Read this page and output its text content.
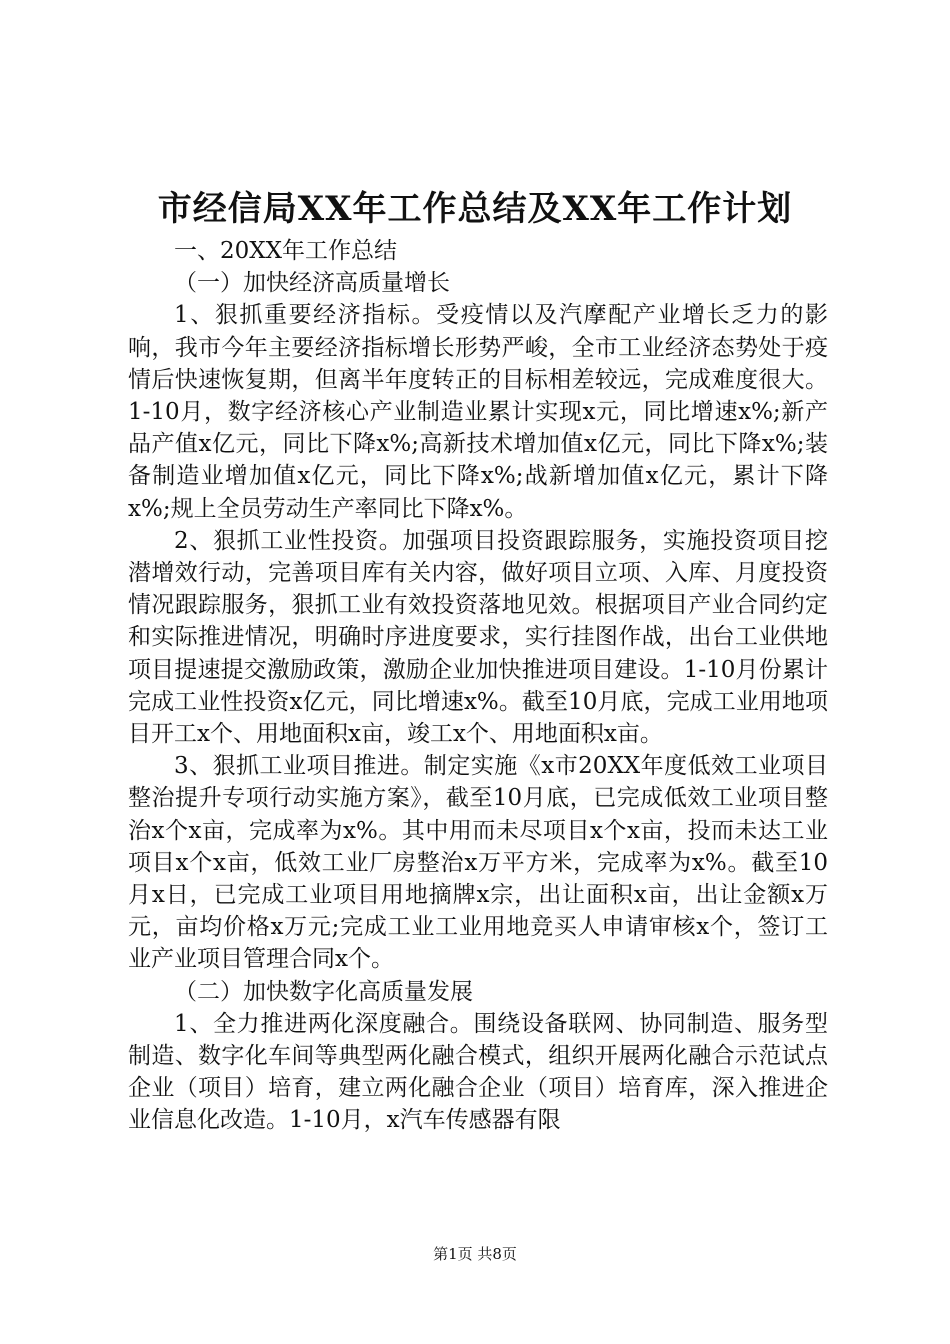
市经信局XX年工作总结及XX年工作计划

一、20XX年工作总结

（一）加快经济高质量增长

1、狠抓重要经济指标。受疫情以及汽摩配产业增长乏力的影响，我市今年主要经济指标增长形势严峻，全市工业经济态势处于疫情后快速恢复期，但离半年度转正的目标相差较远，完成难度很大。1-10月，数字经济核心产业制造业累计实现x元，同比增速x%;新产品产值x亿元，同比下降x%;高新技术增加值x亿元，同比下降x%;装备制造业增加值x亿元，同比下降x%;战新增加值x亿元，累计下降x%;规上全员劳动生产率同比下降x%。

2、狠抓工业性投资。加强项目投资跟踪服务，实施投资项目挖潜增效行动，完善项目库有关内容，做好项目立项、入库、月度投资情况跟踪服务，狠抓工业有效投资落地见效。根据项目产业合同约定和实际推进情况，明确时序进度要求，实行挂图作战，出台工业供地项目提速提交激励政策，激励企业加快推进项目建设。1-10月份累计完成工业性投资x亿元，同比增速x%。截至10月底，完成工业用地项目开工x个、用地面积x亩，竣工x个、用地面积x亩。

3、狠抓工业项目推进。制定实施《x市20XX年度低效工业项目整治提升专项行动实施方案》，截至10月底，已完成低效工业项目整治x个x亩，完成率为x%。其中用而未尽项目x个x亩，投而未达工业项目x个x亩，低效工业厂房整治x万平方米，完成率为x%。截至10月x日，已完成工业项目用地摘牌x宗，出让面积x亩，出让金额x万元，亩均价格x万元;完成工业工业用地竞买人申请审核x个，签订工业产业项目管理合同x个。

（二）加快数字化高质量发展

1、全力推进两化深度融合。围绕设备联网、协同制造、服务型制造、数字化车间等典型两化融合模式，组织开展两化融合示范试点企业（项目）培育，建立两化融合企业（项目）培育库，深入推进企业信息化改造。1-10月，x汽车传感器有限

第1页 共8页
